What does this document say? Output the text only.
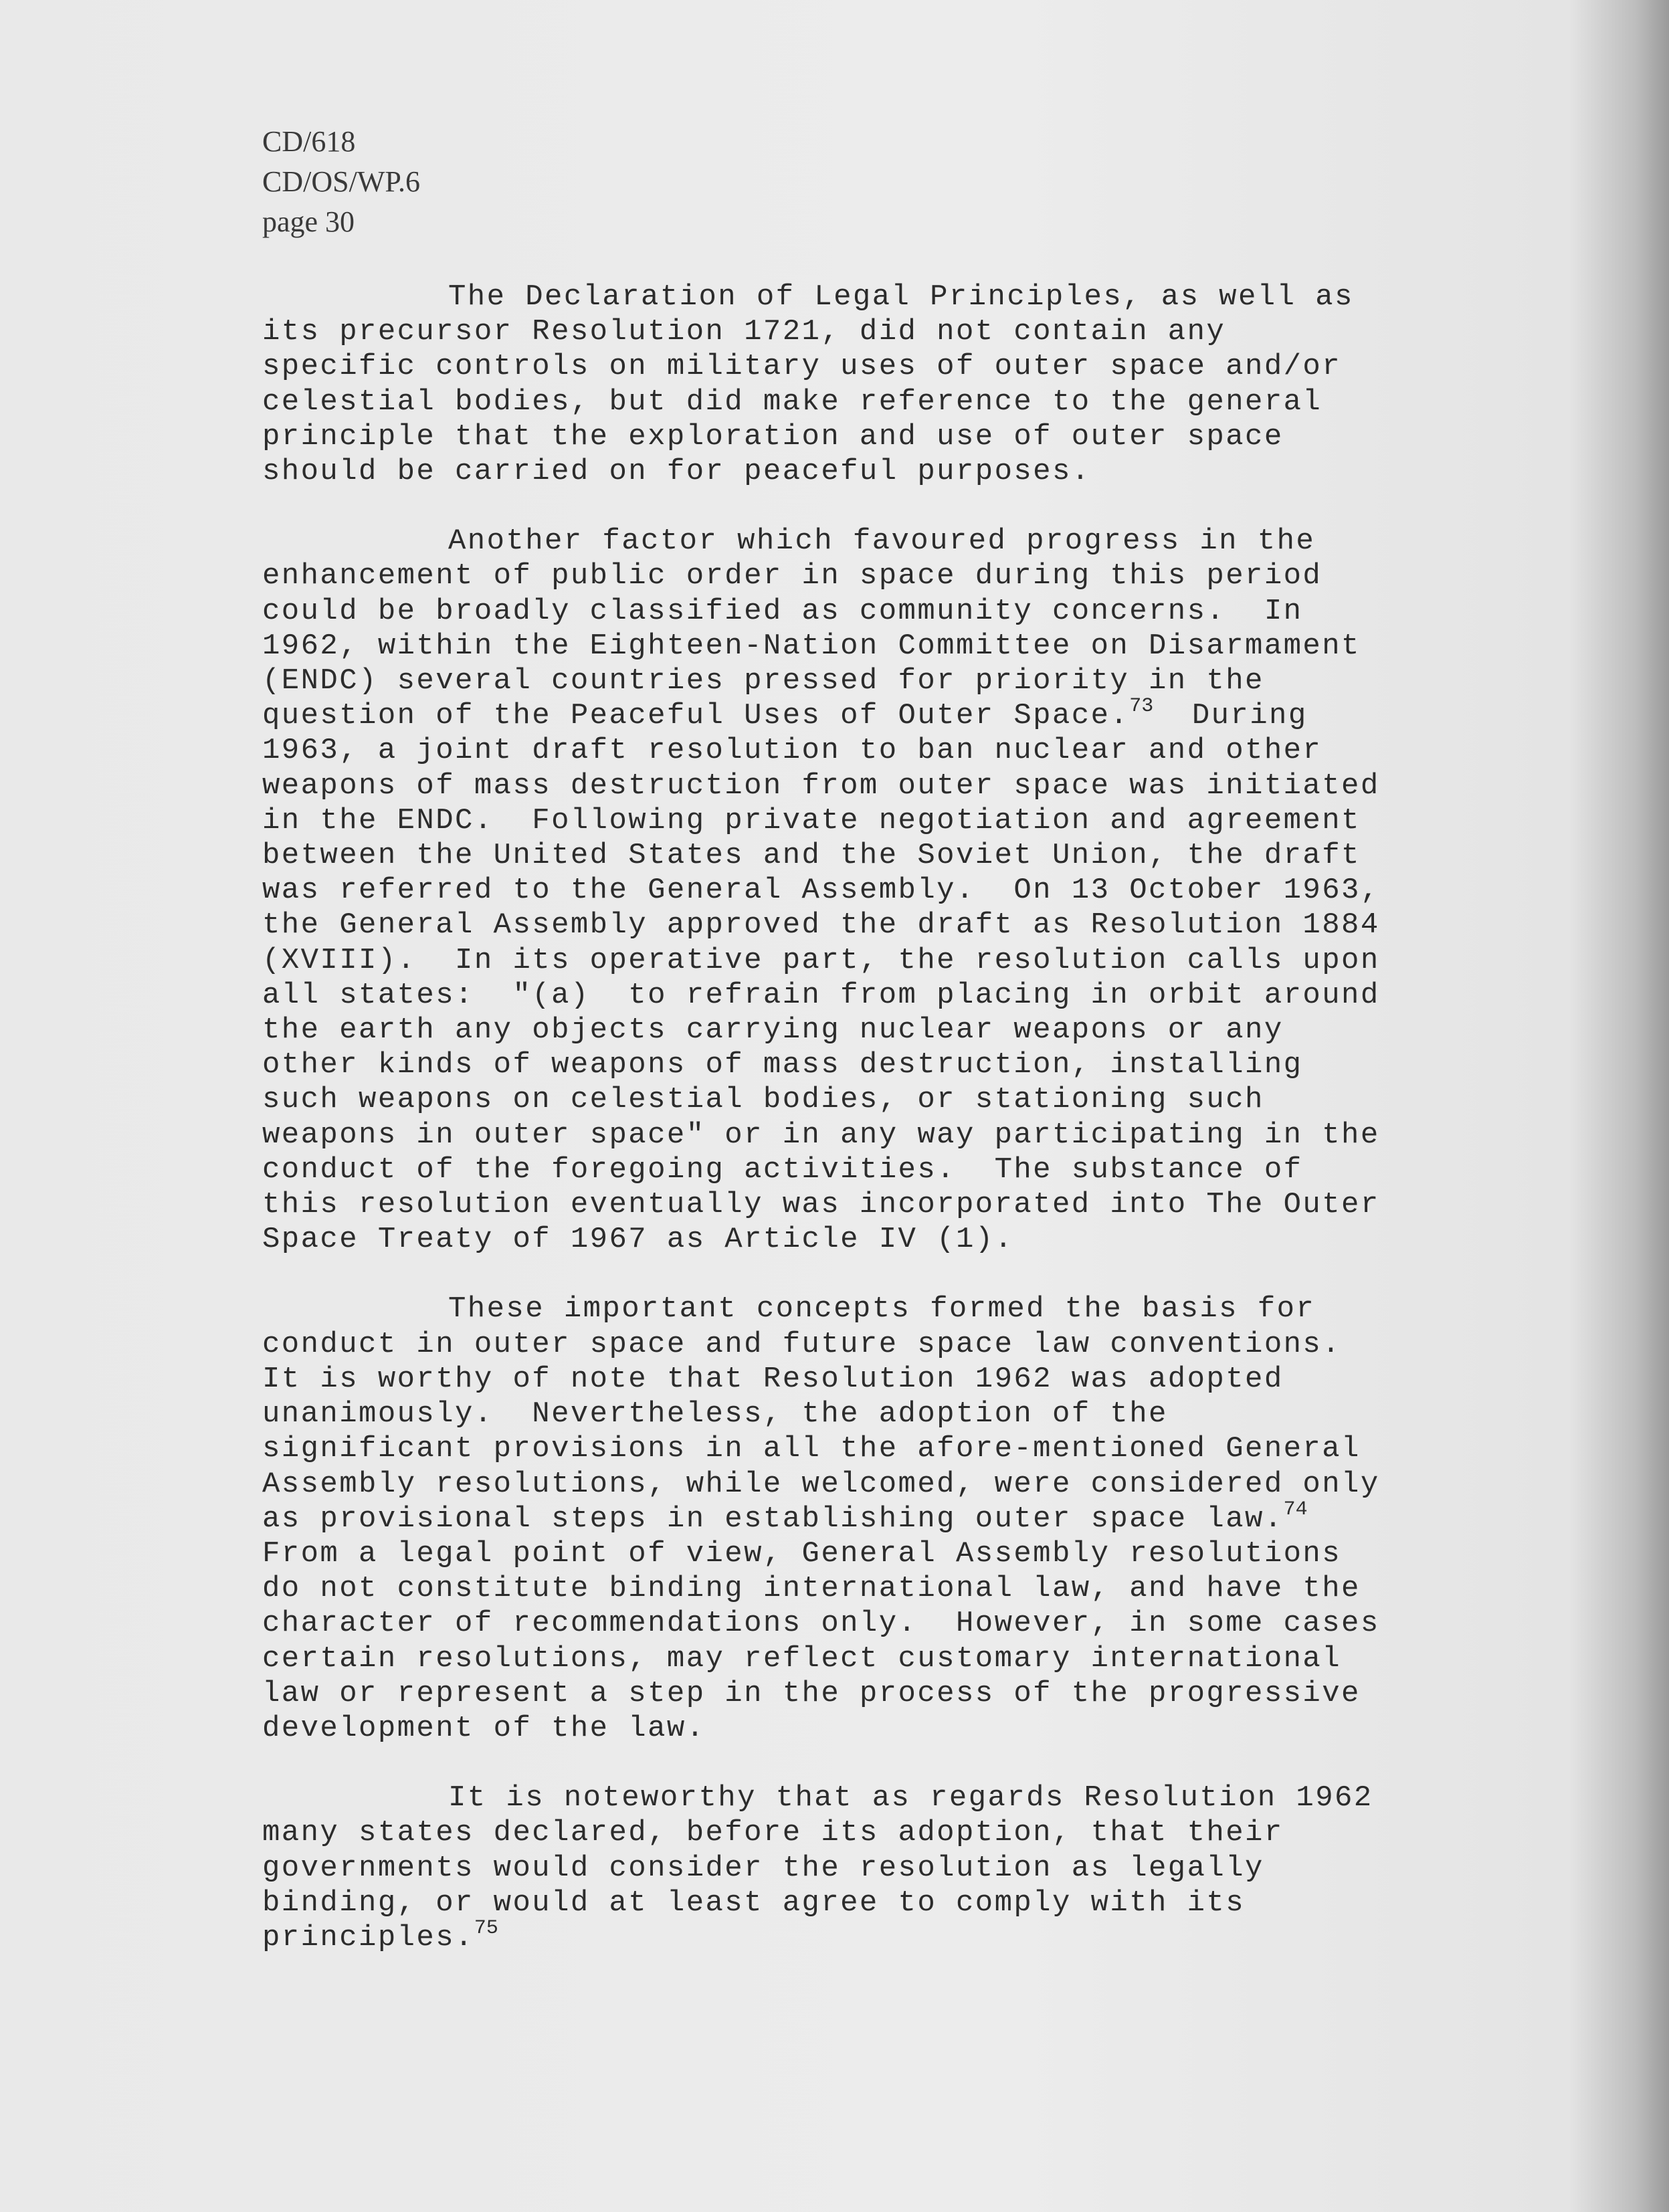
CD/618
CD/OS/WP.6
page 30
The Declaration of Legal Principles, as well as
its precursor Resolution 1721, did not contain any
specific controls on military uses of outer space and/or
celestial bodies, but did make reference to the general
principle that the exploration and use of outer space
should be carried on for peaceful purposes.
Another factor which favoured progress in the
enhancement of public order in space during this period
could be broadly classified as community concerns.  In
1962, within the Eighteen-Nation Committee on Disarmament
(ENDC) several countries pressed for priority in the
question of the Peaceful Uses of Outer Space.$^{73}$  During
1963, a joint draft resolution to ban nuclear and other
weapons of mass destruction from outer space was initiated
in the ENDC.  Following private negotiation and agreement
between the United States and the Soviet Union, the draft
was referred to the General Assembly.  On 13 October 1963,
the General Assembly approved the draft as Resolution 1884
(XVIII).  In its operative part, the resolution calls upon
all states:  "(a)  to refrain from placing in orbit around
the earth any objects carrying nuclear weapons or any
other kinds of weapons of mass destruction, installing
such weapons on celestial bodies, or stationing such
weapons in outer space" or in any way participating in the
conduct of the foregoing activities.  The substance of
this resolution eventually was incorporated into The Outer
Space Treaty of 1967 as Article IV (1).
These important concepts formed the basis for
conduct in outer space and future space law conventions.
It is worthy of note that Resolution 1962 was adopted
unanimously.  Nevertheless, the adoption of the
significant provisions in all the afore-mentioned General
Assembly resolutions, while welcomed, were considered only
as provisional steps in establishing outer space law.$^{74}$
From a legal point of view, General Assembly resolutions
do not constitute binding international law, and have the
character of recommendations only.  However, in some cases
certain resolutions, may reflect customary international
law or represent a step in the process of the progressive
development of the law.
It is noteworthy that as regards Resolution 1962
many states declared, before its adoption, that their
governments would consider the resolution as legally
binding, or would at least agree to comply with its
principles.$^{75}$
